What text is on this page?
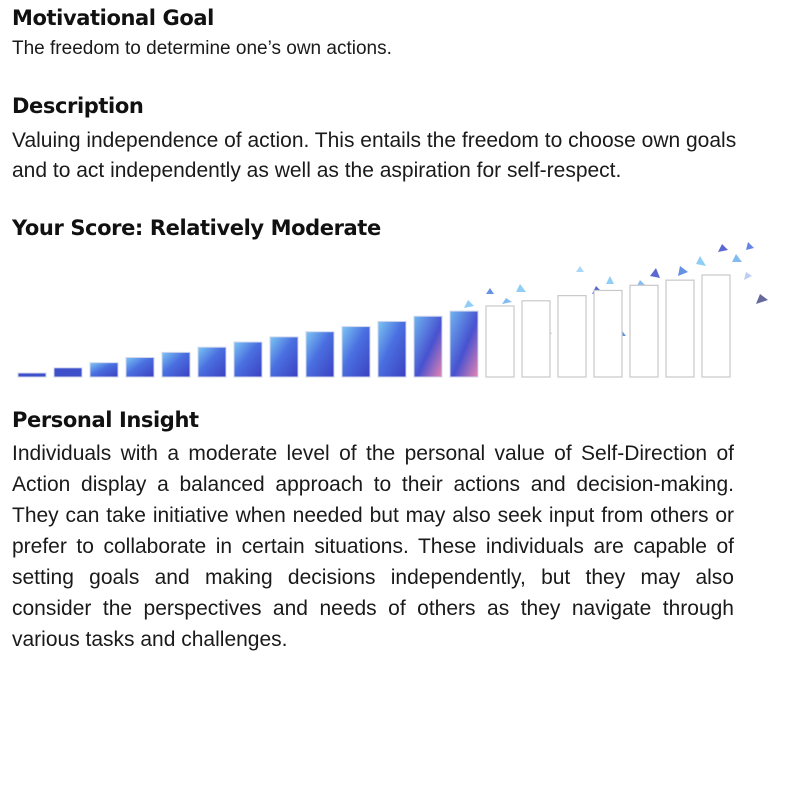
Motivational Goal

The freedom to determine one’s own actions.

Description

Valuing independence of action. This entails the freedom to choose own goals and to act independently as well as the aspiration for self-respect.

Your Score: Relatively Moderate
Personal Insight

Individuals with a moderate level of the personal value of Self-Direction of Action display a balanced approach to their actions and decision-making. They can take initiative when needed but may also seek input from others or prefer to collaborate in certain situations. These individuals are capable of setting goals and making decisions independently, but they may also consider the perspectives and needs of others as they navigate through various tasks and challenges.
